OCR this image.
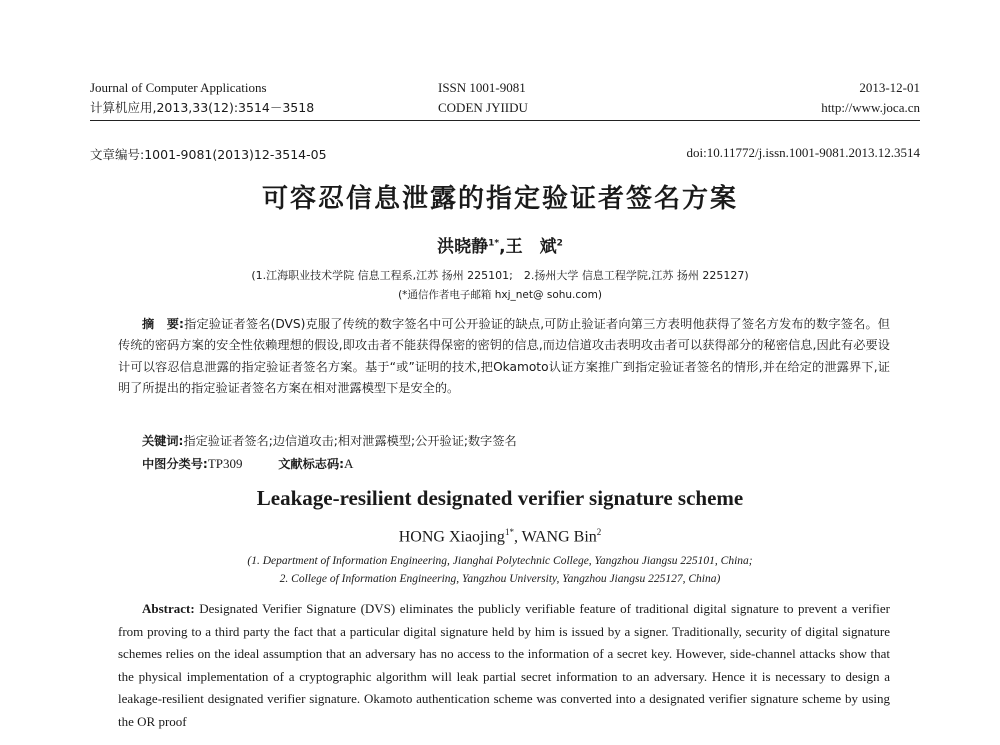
Journal of Computer Applications
计算机应用,2013,33(12):3514－3518
ISSN 1001-9081
CODEN JYIIDU
2013-12-01
http://www.joca.cn
文章编号:1001-9081(2013)12-3514-05	doi:10.11772/j.issn.1001-9081.2013.12.3514
可容忍信息泄露的指定验证者签名方案
洪晓静$^{1*}$,王　斌$^2$
(1.江海职业技术学院 信息工程系,江苏 扬州 225101;　2.扬州大学 信息工程学院,江苏 扬州 225127)
(*通信作者电子邮箱 hxj_net@ sohu.com)
摘　要:指定验证者签名(DVS)克服了传统的数字签名中可公开验证的缺点,可防止验证者向第三方表明他获得了签名方发布的数字签名。但传统的密码方案的安全性依赖理想的假设,即攻击者不能获得保密的密钥的信息,而边信道攻击表明攻击者可以获得部分的秘密信息,因此有必要设计可以容忍信息泄露的指定验证者签名方案。基于“或”证明的技术,把Okamoto认证方案推广到指定验证者签名的情形,并在给定的泄露界下,证明了所提出的指定验证者签名方案在相对泄露模型下是安全的。
关键词:指定验证者签名;边信道攻击;相对泄露模型;公开验证;数字签名
中图分类号:TP309	文献标志码:A
Leakage-resilient designated verifier signature scheme
HONG Xiaojing$^{1*}$, WANG Bin$^2$
(1. Department of Information Engineering, Jianghai Polytechnic College, Yangzhou Jiangsu 225101, China;
2. College of Information Engineering, Yangzhou University, Yangzhou Jiangsu 225127, China)
Abstract: Designated Verifier Signature (DVS) eliminates the publicly verifiable feature of traditional digital signature to prevent a verifier from proving to a third party the fact that a particular digital signature held by him is issued by a signer. Traditionally, security of digital signature schemes relies on the ideal assumption that an adversary has no access to the information of a secret key. However, side-channel attacks show that the physical implementation of a cryptographic algorithm will leak partial secret information to an adversary. Hence it is necessary to design a leakage-resilient designated verifier signature. Okamoto authentication scheme was converted into a designated verifier signature scheme by using the OR proof
